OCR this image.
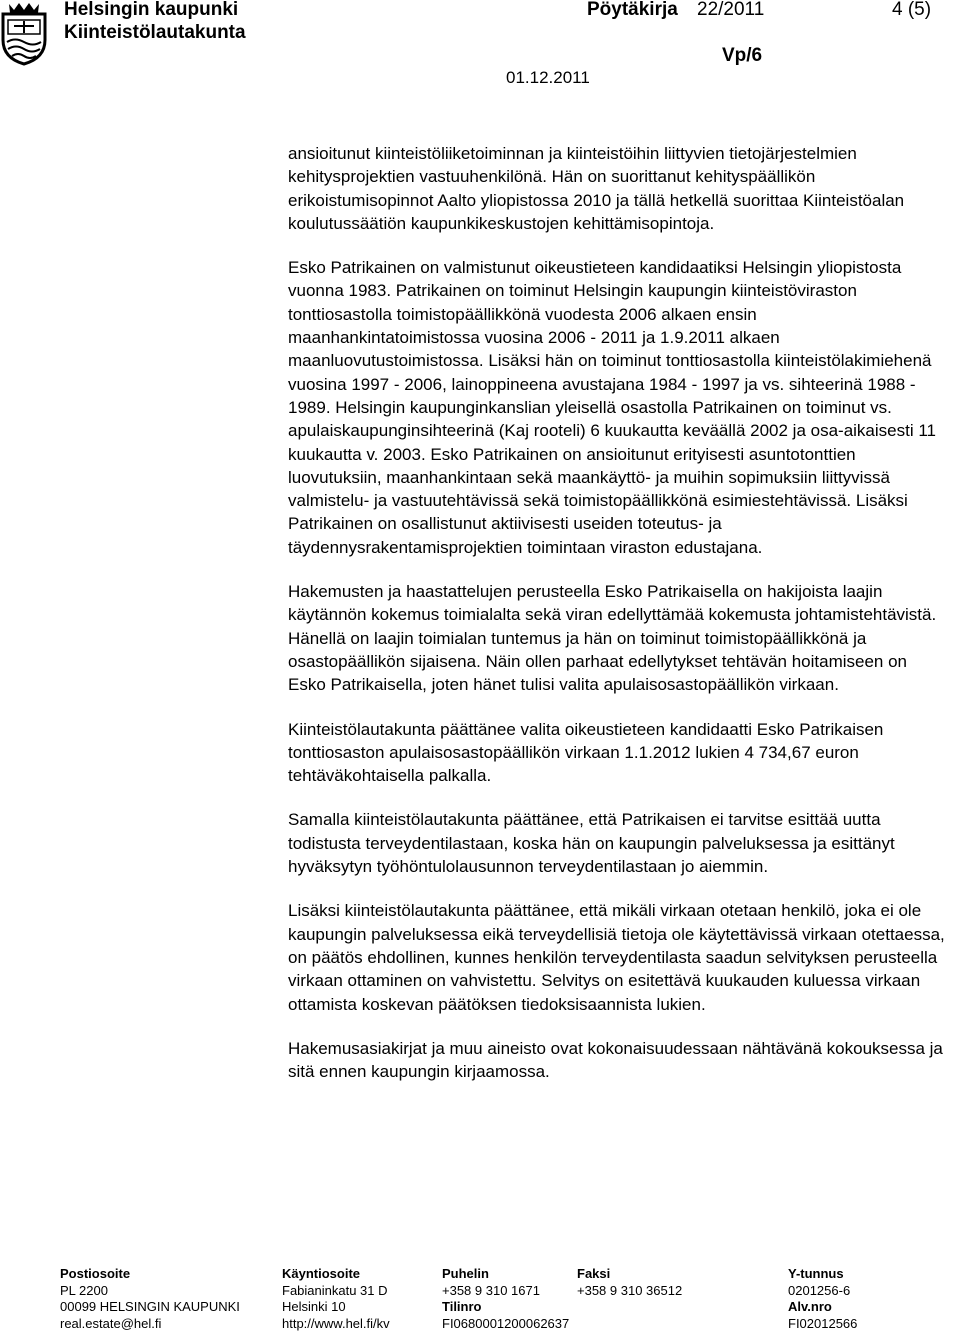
Helsingin kaupunki
Kiinteistölautakunta
Pöytäkirja 22/2011	4 (5)
Vp/6
01.12.2011

ansioitunut kiinteistöliiketoiminnan ja kiinteistöihin liittyvien tietojärjestelmien kehitysprojektien vastuuhenkilönä. Hän on suorittanut kehityspäällikön erikoistumisopinnot Aalto yliopistossa 2010 ja tällä hetkellä suorittaa Kiinteistöalan koulutussäätiön kaupunkikeskustojen kehittämisopintoja.

Esko Patrikainen on valmistunut oikeustieteen kandidaatiksi Helsingin yliopistosta vuonna 1983. Patrikainen on toiminut Helsingin kaupungin kiinteistöviraston tonttiosastolla toimistopäällikkönä vuodesta 2006 alkaen ensin maanhankintatoimistossa vuosina 2006 - 2011 ja 1.9.2011 alkaen maanluovutustoimistossa. Lisäksi hän on toiminut tonttiosastolla kiinteistölakimiehenä vuosina 1997 - 2006, lainoppineena avustajana 1984 - 1997 ja vs. sihteerinä 1988 - 1989. Helsingin kaupunginkanslian yleisellä osastolla Patrikainen on toiminut vs. apulaiskaupunginsihteerinä (Kaj rooteli) 6 kuukautta keväällä 2002 ja osa-aikaisesti 11 kuukautta v. 2003. Esko Patrikainen on ansioitunut erityisesti asuntotonttien luovutuksiin, maanhankintaan sekä maankäyttö- ja muihin sopimuksiin liittyvissä valmistelu- ja vastuutehtävissä sekä toimistopäällikkönä esimiestehtävissä. Lisäksi Patrikainen on osallistunut aktiivisesti useiden toteutus- ja täydennysrakentamisprojektien toimintaan viraston edustajana.

Hakemusten ja haastattelujen perusteella Esko Patrikaisella on hakijoista laajin käytännön kokemus toimialalta sekä viran edellyttämää kokemusta johtamistehtävistä. Hänellä on laajin toimialan tuntemus ja hän on toiminut toimistopäällikkönä ja osastopäällikön sijaisena. Näin ollen parhaat edellytykset tehtävän hoitamiseen on Esko Patrikaisella, joten hänet tulisi valita apulaisosastopäällikön virkaan.

Kiinteistölautakunta päättänee valita oikeustieteen kandidaatti Esko Patrikaisen tonttiosaston apulaisosastopäällikön virkaan 1.1.2012 lukien 4 734,67 euron tehtäväkohtaisella palkalla.

Samalla kiinteistölautakunta päättänee, että Patrikaisen ei tarvitse esittää uutta todistusta terveydentilastaan, koska hän on kaupungin palveluksessa ja esittänyt hyväksytyn työhöntulolausunnon terveydentilastaan jo aiemmin.

Lisäksi kiinteistölautakunta päättänee, että mikäli virkaan otetaan henkilö, joka ei ole kaupungin palveluksessa eikä terveydellisiä tietoja ole käytettävissä virkaan otettaessa, on päätös ehdollinen, kunnes henkilön terveydentilasta saadun selvityksen perusteella virkaan ottaminen on vahvistettu. Selvitys on esitettävä kuukauden kuluessa virkaan ottamista koskevan päätöksen tiedoksisaannista lukien.

Hakemusasiakirjat ja muu aineisto ovat kokonaisuudessaan nähtävänä kokouksessa ja sitä ennen kaupungin kirjaamossa.

Postiosoite
PL 2200
00099 HELSINGIN KAUPUNKI
real.estate@hel.fi
Käyntiosoite
Fabianinkatu 31 D
Helsinki 10
http://www.hel.fi/kv
Puhelin
+358 9 310 1671
Tilinro
FI0680001200062637
Faksi
+358 9 310 36512
Y-tunnus
0201256-6
Alv.nro
FI02012566
